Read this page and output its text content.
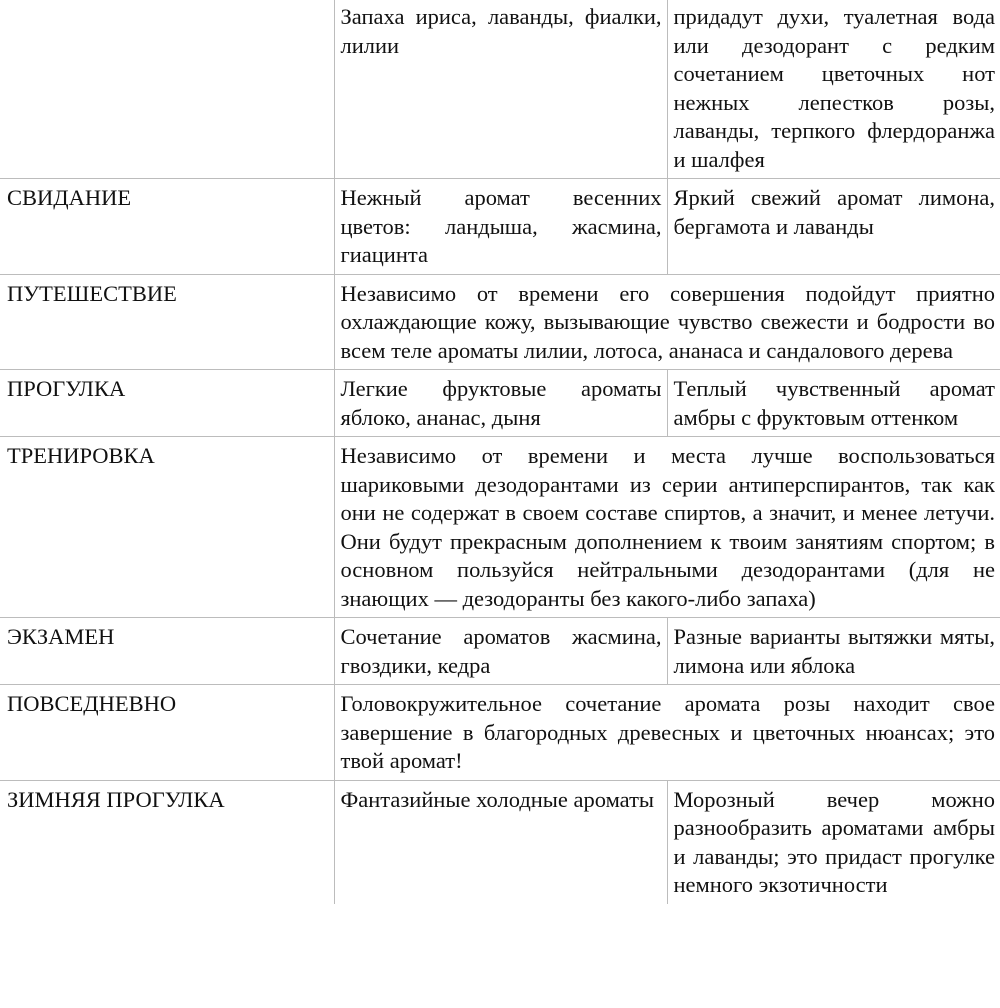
	Запаха ириса, лаванды, фиалки, лилии	придадут духи, туалетная вода или дезодорант с редким сочетанием цветочных нот нежных лепестков розы, лаванды, терпкого флердоранжа и шалфея
СВИДАНИЕ	Нежный аромат весенних цветов: ландыша, жасмина, гиацинта	Яркий свежий аромат лимона, бергамота и лаванды
ПУТЕШЕСТВИЕ	Независимо от времени его совершения подойдут приятно охлаждающие кожу, вызывающие чувство свежести и бодрости во всем теле ароматы лилии, лотоса, ананаса и сандалового дерева	
ПРОГУЛКА	Легкие фруктовые ароматы яблоко, ананас, дыня	Теплый чувственный аромат амбры с фруктовым оттенком
ТРЕНИРОВКА	Независимо от времени и места лучше воспользоваться шариковыми дезодорантами из серии антиперспирантов, так как они не содержат в своем составе спиртов, а значит, и менее летучи. Они будут прекрасным дополнением к твоим занятиям спортом; в основном пользуйся нейтральными дезодорантами (для не знающих — дезодоранты без какого-либо запаха)	
ЭКЗАМЕН	Сочетание ароматов жасмина, гвоздики, кедра	Разные варианты вытяжки мяты, лимона или яблока
ПОВСЕДНЕВНО	Головокружительное сочетание аромата розы находит свое завершение в благородных древесных и цветочных нюансах; это твой аромат!	
ЗИМНЯЯ ПРОГУЛКА	Фантазийные холодные ароматы	Морозный вечер можно разнообразить ароматами амбры и лаванды; это придаст прогулке немного экзотичности
